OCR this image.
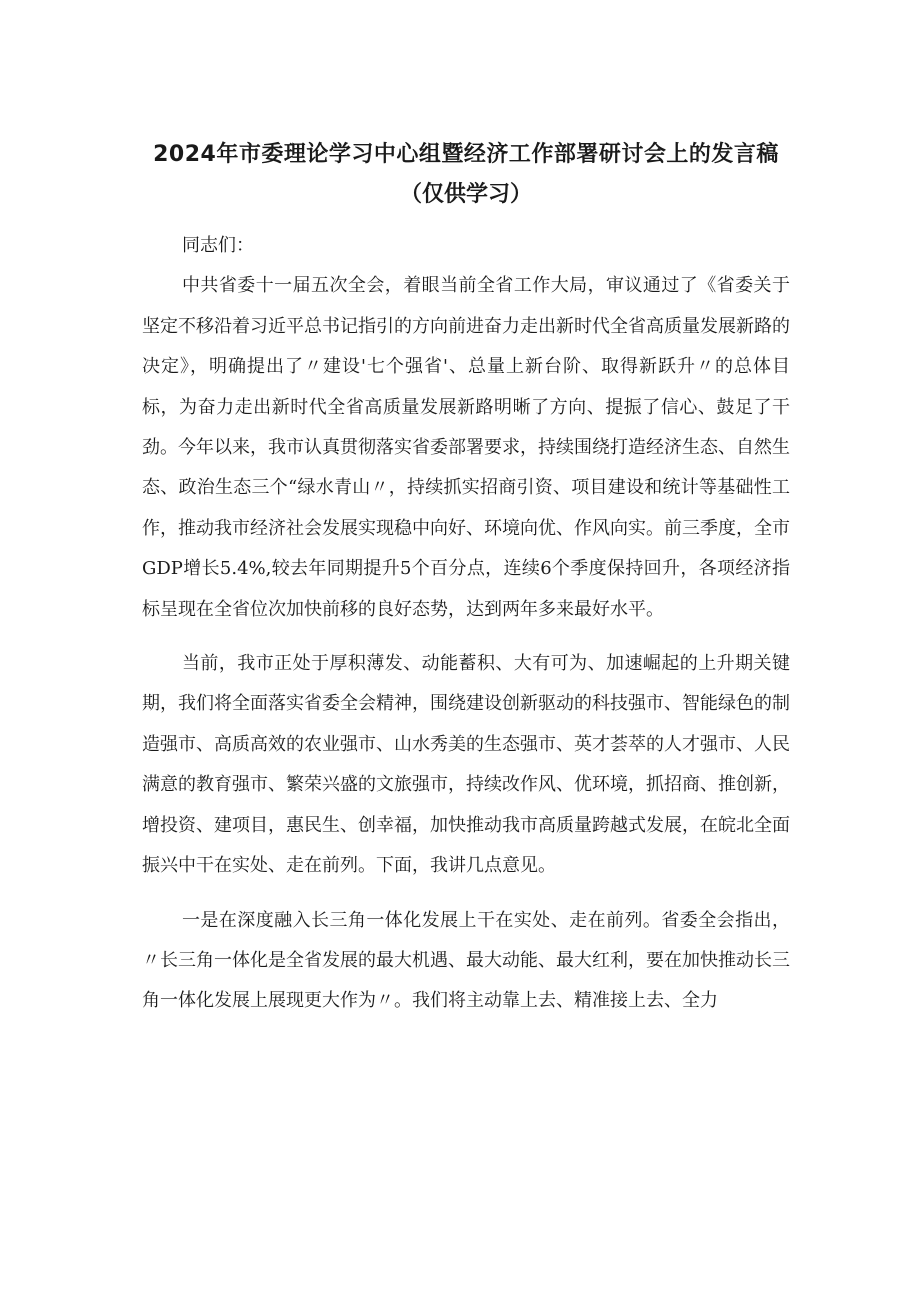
2024年市委理论学习中心组暨经济工作部署研讨会上的发言稿
（仅供学习）

同志们：

中共省委十一届五次全会，着眼当前全省工作大局，审议通过了《省委关于坚定不移沿着习近平总书记指引的方向前进奋力走出新时代全省高质量发展新路的决定》，明确提出了〃建设'七个强省'、总量上新台阶、取得新跃升〃的总体目标，为奋力走出新时代全省高质量发展新路明晰了方向、提振了信心、鼓足了干劲。今年以来，我市认真贯彻落实省委部署要求，持续围绕打造经济生态、自然生态、政治生态三个“绿水青山〃，持续抓实招商引资、项目建设和统计等基础性工作，推动我市经济社会发展实现稳中向好、环境向优、作风向实。前三季度，全市GDP增长5.4%,较去年同期提升5个百分点，连续6个季度保持回升，各项经济指标呈现在全省位次加快前移的良好态势，达到两年多来最好水平。

当前，我市正处于厚积薄发、动能蓄积、大有可为、加速崛起的上升期关键期，我们将全面落实省委全会精神，围绕建设创新驱动的科技强市、智能绿色的制造强市、高质高效的农业强市、山水秀美的生态强市、英才荟萃的人才强市、人民满意的教育强市、繁荣兴盛的文旅强市，持续改作风、优环境，抓招商、推创新，增投资、建项目，惠民生、创幸福，加快推动我市高质量跨越式发展，在皖北全面振兴中干在实处、走在前列。下面，我讲几点意见。

一是在深度融入长三角一体化发展上干在实处、走在前列。省委全会指出，〃长三角一体化是全省发展的最大机遇、最大动能、最大红利，要在加快推动长三角一体化发展上展现更大作为〃。我们将主动靠上去、精准接上去、全力
